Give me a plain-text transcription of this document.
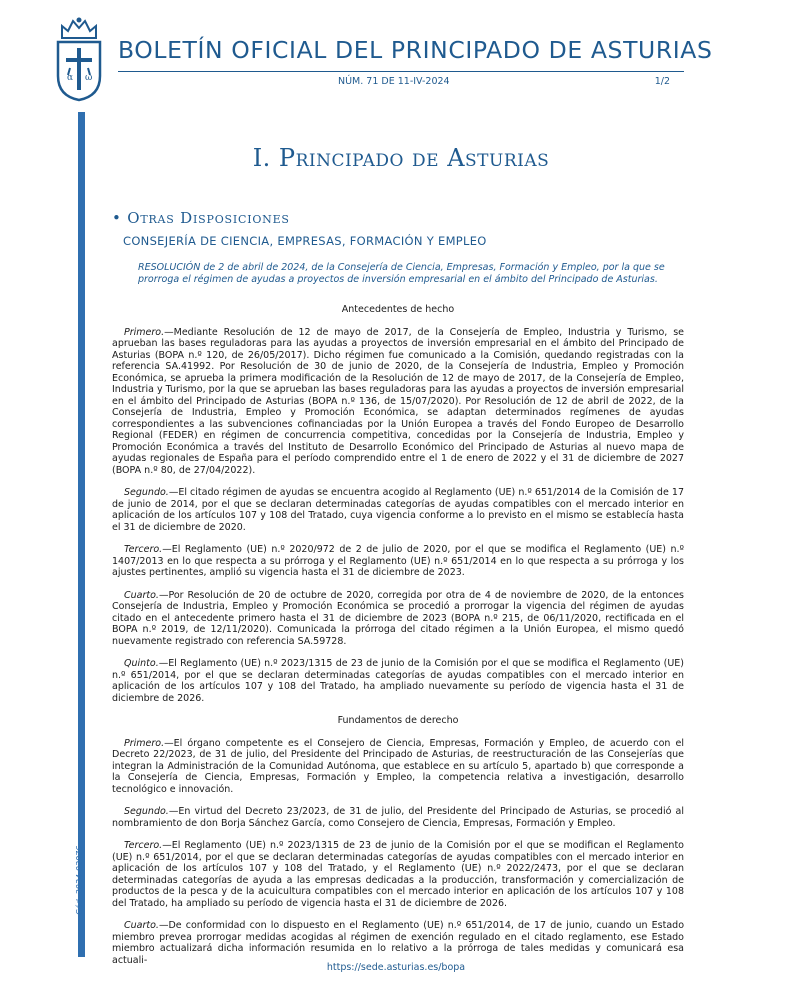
α ω
BOLETÍN OFICIAL DEL PRINCIPADO DE ASTURIAS
NÚM. 71 DE 11-IV-2024	1/2
Cód. 2024-02976
I. Principado de Asturias
• Otras Disposiciones
CONSEJERÍA DE CIENCIA, EMPRESAS, FORMACIÓN Y EMPLEO
RESOLUCIÓN de 2 de abril de 2024, de la Consejería de Ciencia, Empresas, Formación y Empleo, por la que se prorroga el régimen de ayudas a proyectos de inversión empresarial en el ámbito del Principado de Asturias.
Antecedentes de hecho

Primero.—Mediante Resolución de 12 de mayo de 2017, de la Consejería de Empleo, Industria y Turismo, se aprueban las bases reguladoras para las ayudas a proyectos de inversión empresarial en el ámbito del Principado de Asturias (BOPA n.º 120, de 26/05/2017). Dicho régimen fue comunicado a la Comisión, quedando registradas con la referencia SA.41992. Por Resolución de 30 de junio de 2020, de la Consejería de Industria, Empleo y Promoción Económica, se aprueba la primera modificación de la Resolución de 12 de mayo de 2017, de la Consejería de Empleo, Industria y Turismo, por la que se aprueban las bases reguladoras para las ayudas a proyectos de inversión empresarial en el ámbito del Principado de Asturias (BOPA n.º 136, de 15/07/2020). Por Resolución de 12 de abril de 2022, de la Consejería de Industria, Empleo y Promoción Económica, se adaptan determinados regímenes de ayudas correspondientes a las subvenciones cofinanciadas por la Unión Europea a través del Fondo Europeo de Desarrollo Regional (FEDER) en régimen de concurrencia competitiva, concedidas por la Consejería de Industria, Empleo y Promoción Económica a través del Instituto de Desarrollo Económico del Principado de Asturias al nuevo mapa de ayudas regionales de España para el período comprendido entre el 1 de enero de 2022 y el 31 de diciembre de 2027 (BOPA n.º 80, de 27/04/2022).

Segundo.—El citado régimen de ayudas se encuentra acogido al Reglamento (UE) n.º 651/2014 de la Comisión de 17 de junio de 2014, por el que se declaran determinadas categorías de ayudas compatibles con el mercado interior en aplicación de los artículos 107 y 108 del Tratado, cuya vigencia conforme a lo previsto en el mismo se establecía hasta el 31 de diciembre de 2020.

Tercero.—El Reglamento (UE) n.º 2020/972 de 2 de julio de 2020, por el que se modifica el Reglamento (UE) n.º 1407/2013 en lo que respecta a su prórroga y el Reglamento (UE) n.º 651/2014 en lo que respecta a su prórroga y los ajustes pertinentes, amplió su vigencia hasta el 31 de diciembre de 2023.

Cuarto.—Por Resolución de 20 de octubre de 2020, corregida por otra de 4 de noviembre de 2020, de la entonces Consejería de Industria, Empleo y Promoción Económica se procedió a prorrogar la vigencia del régimen de ayudas citado en el antecedente primero hasta el 31 de diciembre de 2023 (BOPA n.º 215, de 06/11/2020, rectificada en el BOPA n.º 2019, de 12/11/2020). Comunicada la prórroga del citado régimen a la Unión Europea, el mismo quedó nuevamente registrado con referencia SA.59728.

Quinto.—El Reglamento (UE) n.º 2023/1315 de 23 de junio de la Comisión por el que se modifica el Reglamento (UE) n.º 651/2014, por el que se declaran determinadas categorías de ayudas compatibles con el mercado interior en aplicación de los artículos 107 y 108 del Tratado, ha ampliado nuevamente su período de vigencia hasta el 31 de diciembre de 2026.

Fundamentos de derecho

Primero.—El órgano competente es el Consejero de Ciencia, Empresas, Formación y Empleo, de acuerdo con el Decreto 22/2023, de 31 de julio, del Presidente del Principado de Asturias, de reestructuración de las Consejerías que integran la Administración de la Comunidad Autónoma, que establece en su artículo 5, apartado b) que corresponde a la Consejería de Ciencia, Empresas, Formación y Empleo, la competencia relativa a investigación, desarrollo tecnológico e innovación.

Segundo.—En virtud del Decreto 23/2023, de 31 de julio, del Presidente del Principado de Asturias, se procedió al nombramiento de don Borja Sánchez García, como Consejero de Ciencia, Empresas, Formación y Empleo.

Tercero.—El Reglamento (UE) n.º 2023/1315 de 23 de junio de la Comisión por el que se modifican el Reglamento (UE) n.º 651/2014, por el que se declaran determinadas categorías de ayudas compatibles con el mercado interior en aplicación de los artículos 107 y 108 del Tratado, y el Reglamento (UE) n.º 2022/2473, por el que se declaran determinadas categorías de ayuda a las empresas dedicadas a la producción, transformación y comercialización de productos de la pesca y de la acuicultura compatibles con el mercado interior en aplicación de los artículos 107 y 108 del Tratado, ha ampliado su período de vigencia hasta el 31 de diciembre de 2026.

Cuarto.—De conformidad con lo dispuesto en el Reglamento (UE) n.º 651/2014, de 17 de junio, cuando un Estado miembro prevea prorrogar medidas acogidas al régimen de exención regulado en el citado reglamento, ese Estado miembro actualizará dicha información resumida en lo relativo a la prórroga de tales medidas y comunicará esa actuali-

https://sede.asturias.es/bopa
